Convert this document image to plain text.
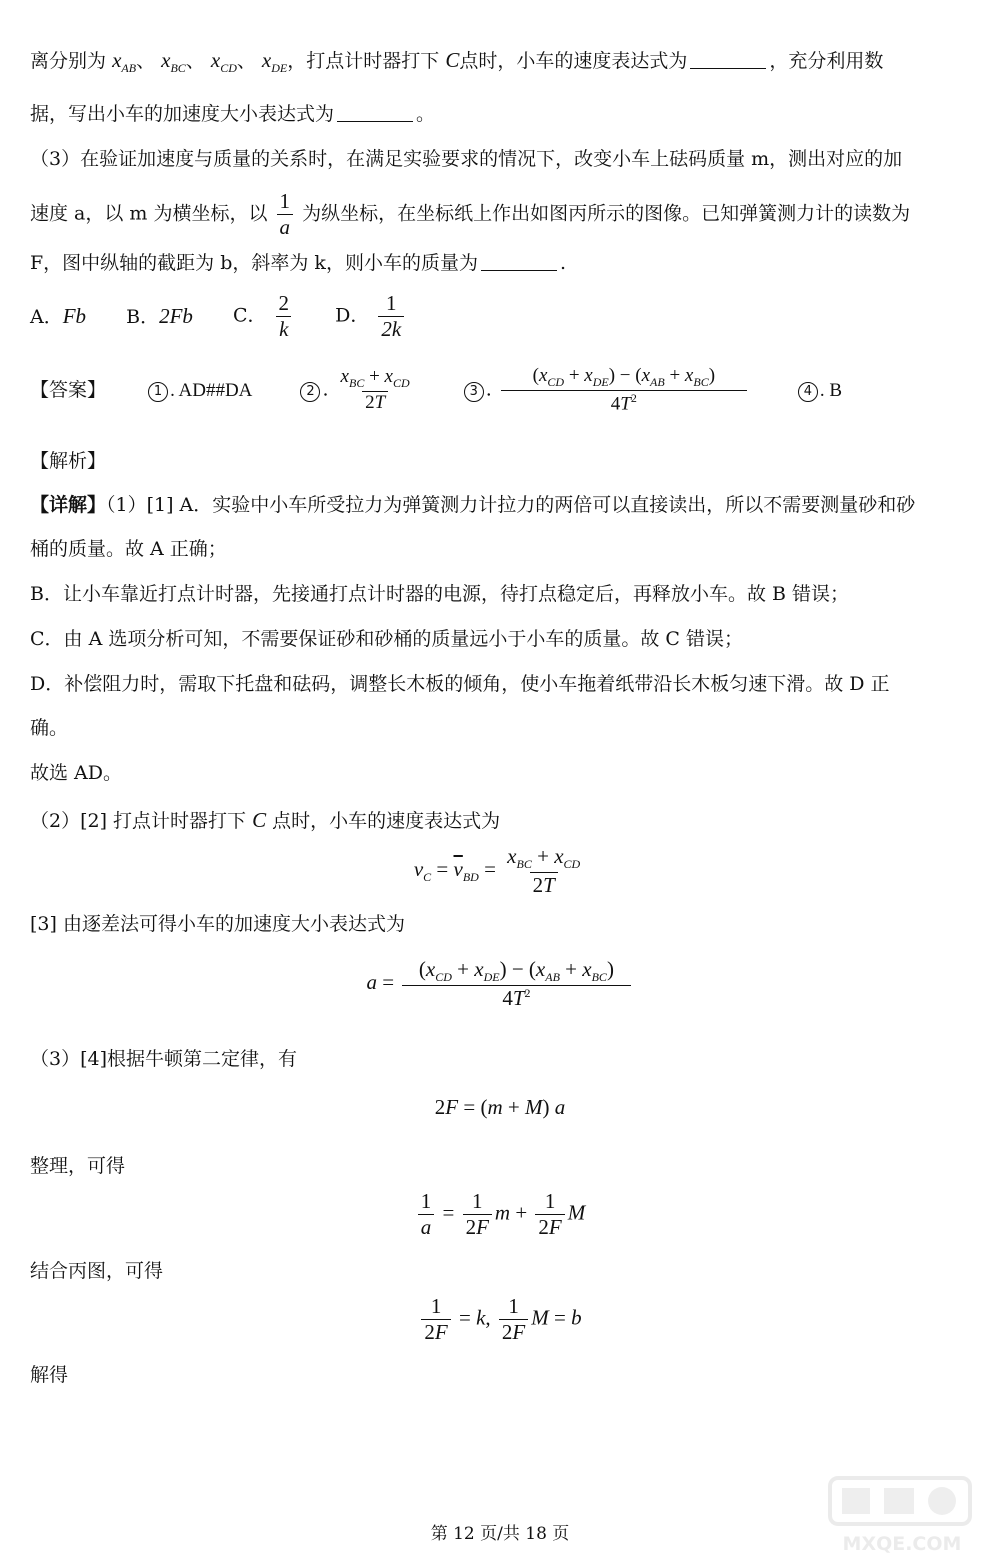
离分别为 $x_{AB}$、 $x_{BC}$、 $x_{CD}$、 $x_{DE}$，打点计时器打下 C点时，小车的速度表达式为	，充分利用数
据，写出小车的加速度大小表达式为	。
（3）在验证加速度与质量的关系时，在满足实验要求的情况下，改变小车上砝码质量 m，测出对应的加
速度 a，以 m 为横坐标，以 $\frac{1}{a}$ 为纵坐标，在坐标纸上作出如图丙所示的图像。已知弹簧测力计的读数为
F，图中纵轴的截距为 b，斜率为 k，则小车的质量为	.
A．Fb B．2Fb C． $\frac{2}{k}$ D． $\frac{1}{2k}$
【答案】	1 . AD##DA	2 . $\frac{x_{BC} + x_{CD}}{2T}$	3 . $\frac{(x_{CD} + x_{DE}) - (x_{AB} + x_{BC})}{4T^2}$	4 . B
【解析】
【详解】（1）[1] A．实验中小车所受拉力为弹簧测力计拉力的两倍可以直接读出，所以不需要测量砂和砂
桶的质量。故 A 正确；
B．让小车靠近打点计时器，先接通打点计时器的电源，待打点稳定后，再释放小车。故 B 错误；
C．由 A 选项分析可知，不需要保证砂和砂桶的质量远小于小车的质量。故 C 错误；
D．补偿阻力时，需取下托盘和砝码，调整长木板的倾角，使小车拖着纸带沿长木板匀速下滑。故 D 正
确。
故选 AD。
（2）[2] 打点计时器打下 C 点时，小车的速度表达式为
$v_C = \overline{v}_{BD} = \frac{x_{BC} + x_{CD}}{2T}$
[3] 由逐差法可得小车的加速度大小表达式为
$a = \frac{(x_{CD} + x_{DE}) - (x_{AB} + x_{BC})}{4T^2}$
（3）[4]根据牛顿第二定律，有
2F = (m + M) a
整理，可得
$\frac{1}{a} = \frac{1}{2F}$ $m + \frac{1}{2F}$ M
结合丙图，可得
$\frac{1}{2F} = k$, $\frac{1}{2F}$ M = b
解得
第 12 页/共 18 页	MXQE.COM
